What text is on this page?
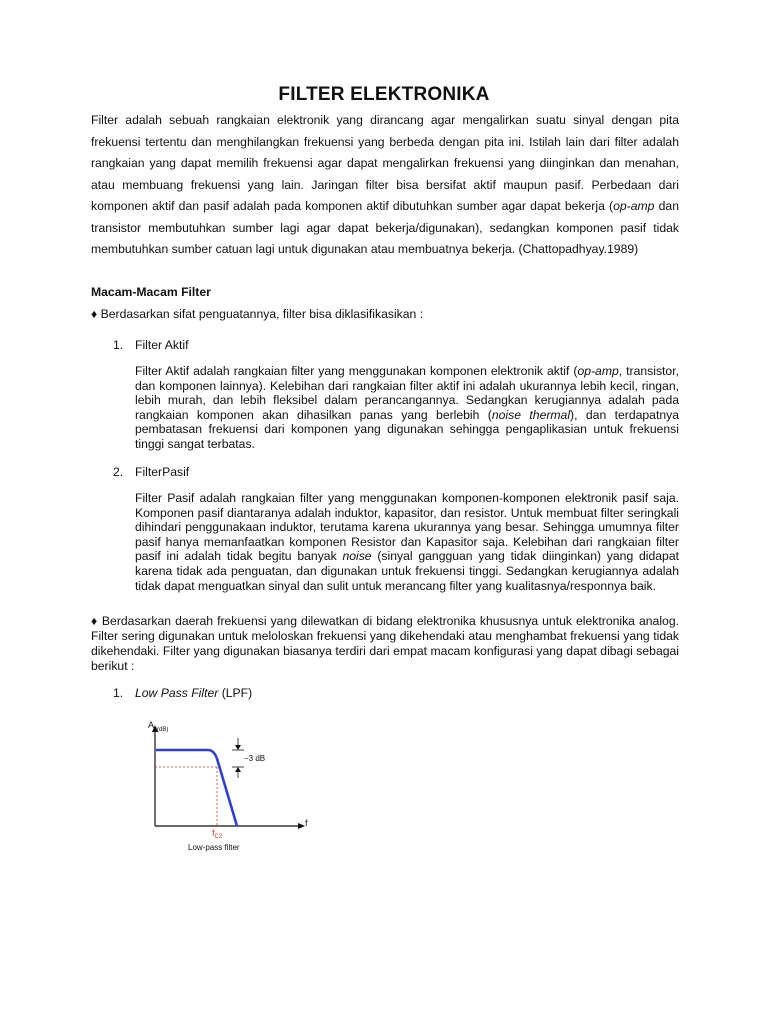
FILTER ELEKTRONIKA

Filter adalah sebuah rangkaian elektronik yang dirancang agar mengalirkan suatu sinyal dengan pita frekuensi tertentu dan menghilangkan frekuensi yang berbeda dengan pita ini. Istilah lain dari filter adalah rangkaian yang dapat memilih frekuensi agar dapat mengalirkan frekuensi yang diinginkan dan menahan, atau membuang frekuensi yang lain. Jaringan filter bisa bersifat aktif maupun pasif. Perbedaan dari komponen aktif dan pasif adalah pada komponen aktif dibutuhkan sumber agar dapat bekerja (op-amp dan transistor membutuhkan sumber lagi agar dapat bekerja/digunakan), sedangkan komponen pasif tidak membutuhkan sumber catuan lagi untuk digunakan atau membuatnya bekerja. (Chattopadhyay.1989)

Macam-Macam Filter

♦ Berdasarkan sifat penguatannya, filter bisa diklasifikasikan :

1. Filter Aktif

Filter Aktif adalah rangkaian filter yang menggunakan komponen elektronik aktif (op-amp, transistor, dan komponen lainnya). Kelebihan dari rangkaian filter aktif ini adalah ukurannya lebih kecil, ringan, lebih murah, dan lebih fleksibel dalam perancangannya. Sedangkan kerugiannya adalah pada rangkaian komponen akan dihasilkan panas yang berlebih (noise thermal), dan terdapatnya pembatasan frekuensi dari komponen yang digunakan sehingga pengaplikasian untuk frekuensi tinggi sangat terbatas.

2. FilterPasif

Filter Pasif adalah rangkaian filter yang menggunakan komponen-komponen elektronik pasif saja. Komponen pasif diantaranya adalah induktor, kapasitor, dan resistor. Untuk membuat filter seringkali dihindari penggunakaan induktor, terutama karena ukurannya yang besar. Sehingga umumnya filter pasif hanya memanfaatkan komponen Resistor dan Kapasitor saja. Kelebihan dari rangkaian filter pasif ini adalah tidak begitu banyak noise (sinyal gangguan yang tidak diinginkan) yang didapat karena tidak ada penguatan, dan digunakan untuk frekuensi tinggi. Sedangkan kerugiannya adalah tidak dapat menguatkan sinyal dan sulit untuk merancang filter yang kualitasnya/responnya baik.

♦ Berdasarkan daerah frekuensi yang dilewatkan di bidang elektronika khususnya untuk elektronika analog. Filter sering digunakan untuk meloloskan frekuensi yang dikehendaki atau menghambat frekuensi yang tidak dikehendaki. Filter yang digunakan biasanya terdiri dari empat macam konfigurasi yang dapat dibagi sebagai berikut :

1. Low Pass Filter (LPF)

$A_{v(dB)}$
f
−3 dB
$f_{C2}$
Low-pass filter
